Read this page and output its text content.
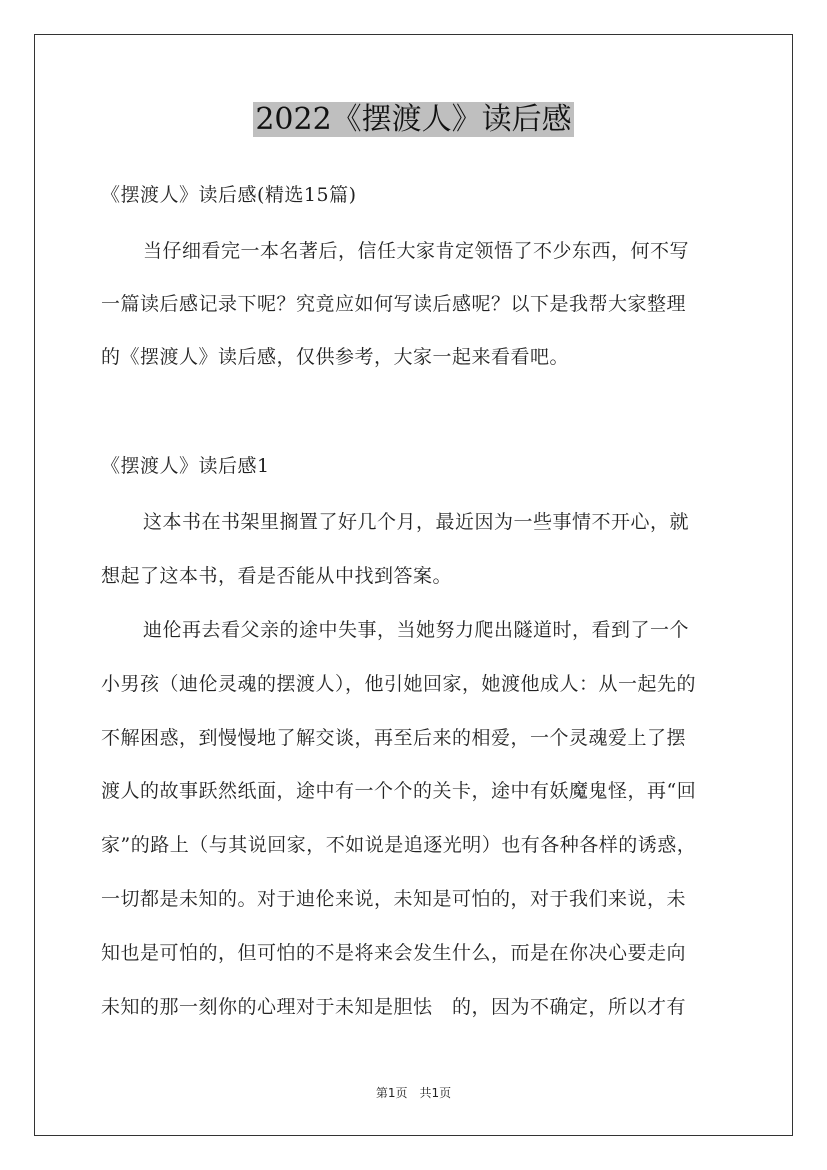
2022《摆渡人》读后感
《摆渡人》读后感(精选15篇)
当仔细看完一本名著后，信任大家肯定领悟了不少东西，何不写
一篇读后感记录下呢？究竟应如何写读后感呢？以下是我帮大家整理
的《摆渡人》读后感，仅供参考，大家一起来看看吧。
《摆渡人》读后感1
这本书在书架里搁置了好几个月，最近因为一些事情不开心，就
想起了这本书，看是否能从中找到答案。
迪伦再去看父亲的途中失事，当她努力爬出隧道时，看到了一个
小男孩（迪伦灵魂的摆渡人），他引她回家，她渡他成人：从一起先的
不解困惑，到慢慢地了解交谈，再至后来的相爱，一个灵魂爱上了摆
渡人的故事跃然纸面，途中有一个个的关卡，途中有妖魔鬼怪，再“回
家”的路上（与其说回家，不如说是追逐光明）也有各种各样的诱惑，
一切都是未知的。对于迪伦来说，未知是可怕的，对于我们来说，未
知也是可怕的，但可怕的不是将来会发生什么，而是在你决心要走向
未知的那一刻你的心理对于未知是胆怯　的，因为不确定，所以才有
第1页　共1页
